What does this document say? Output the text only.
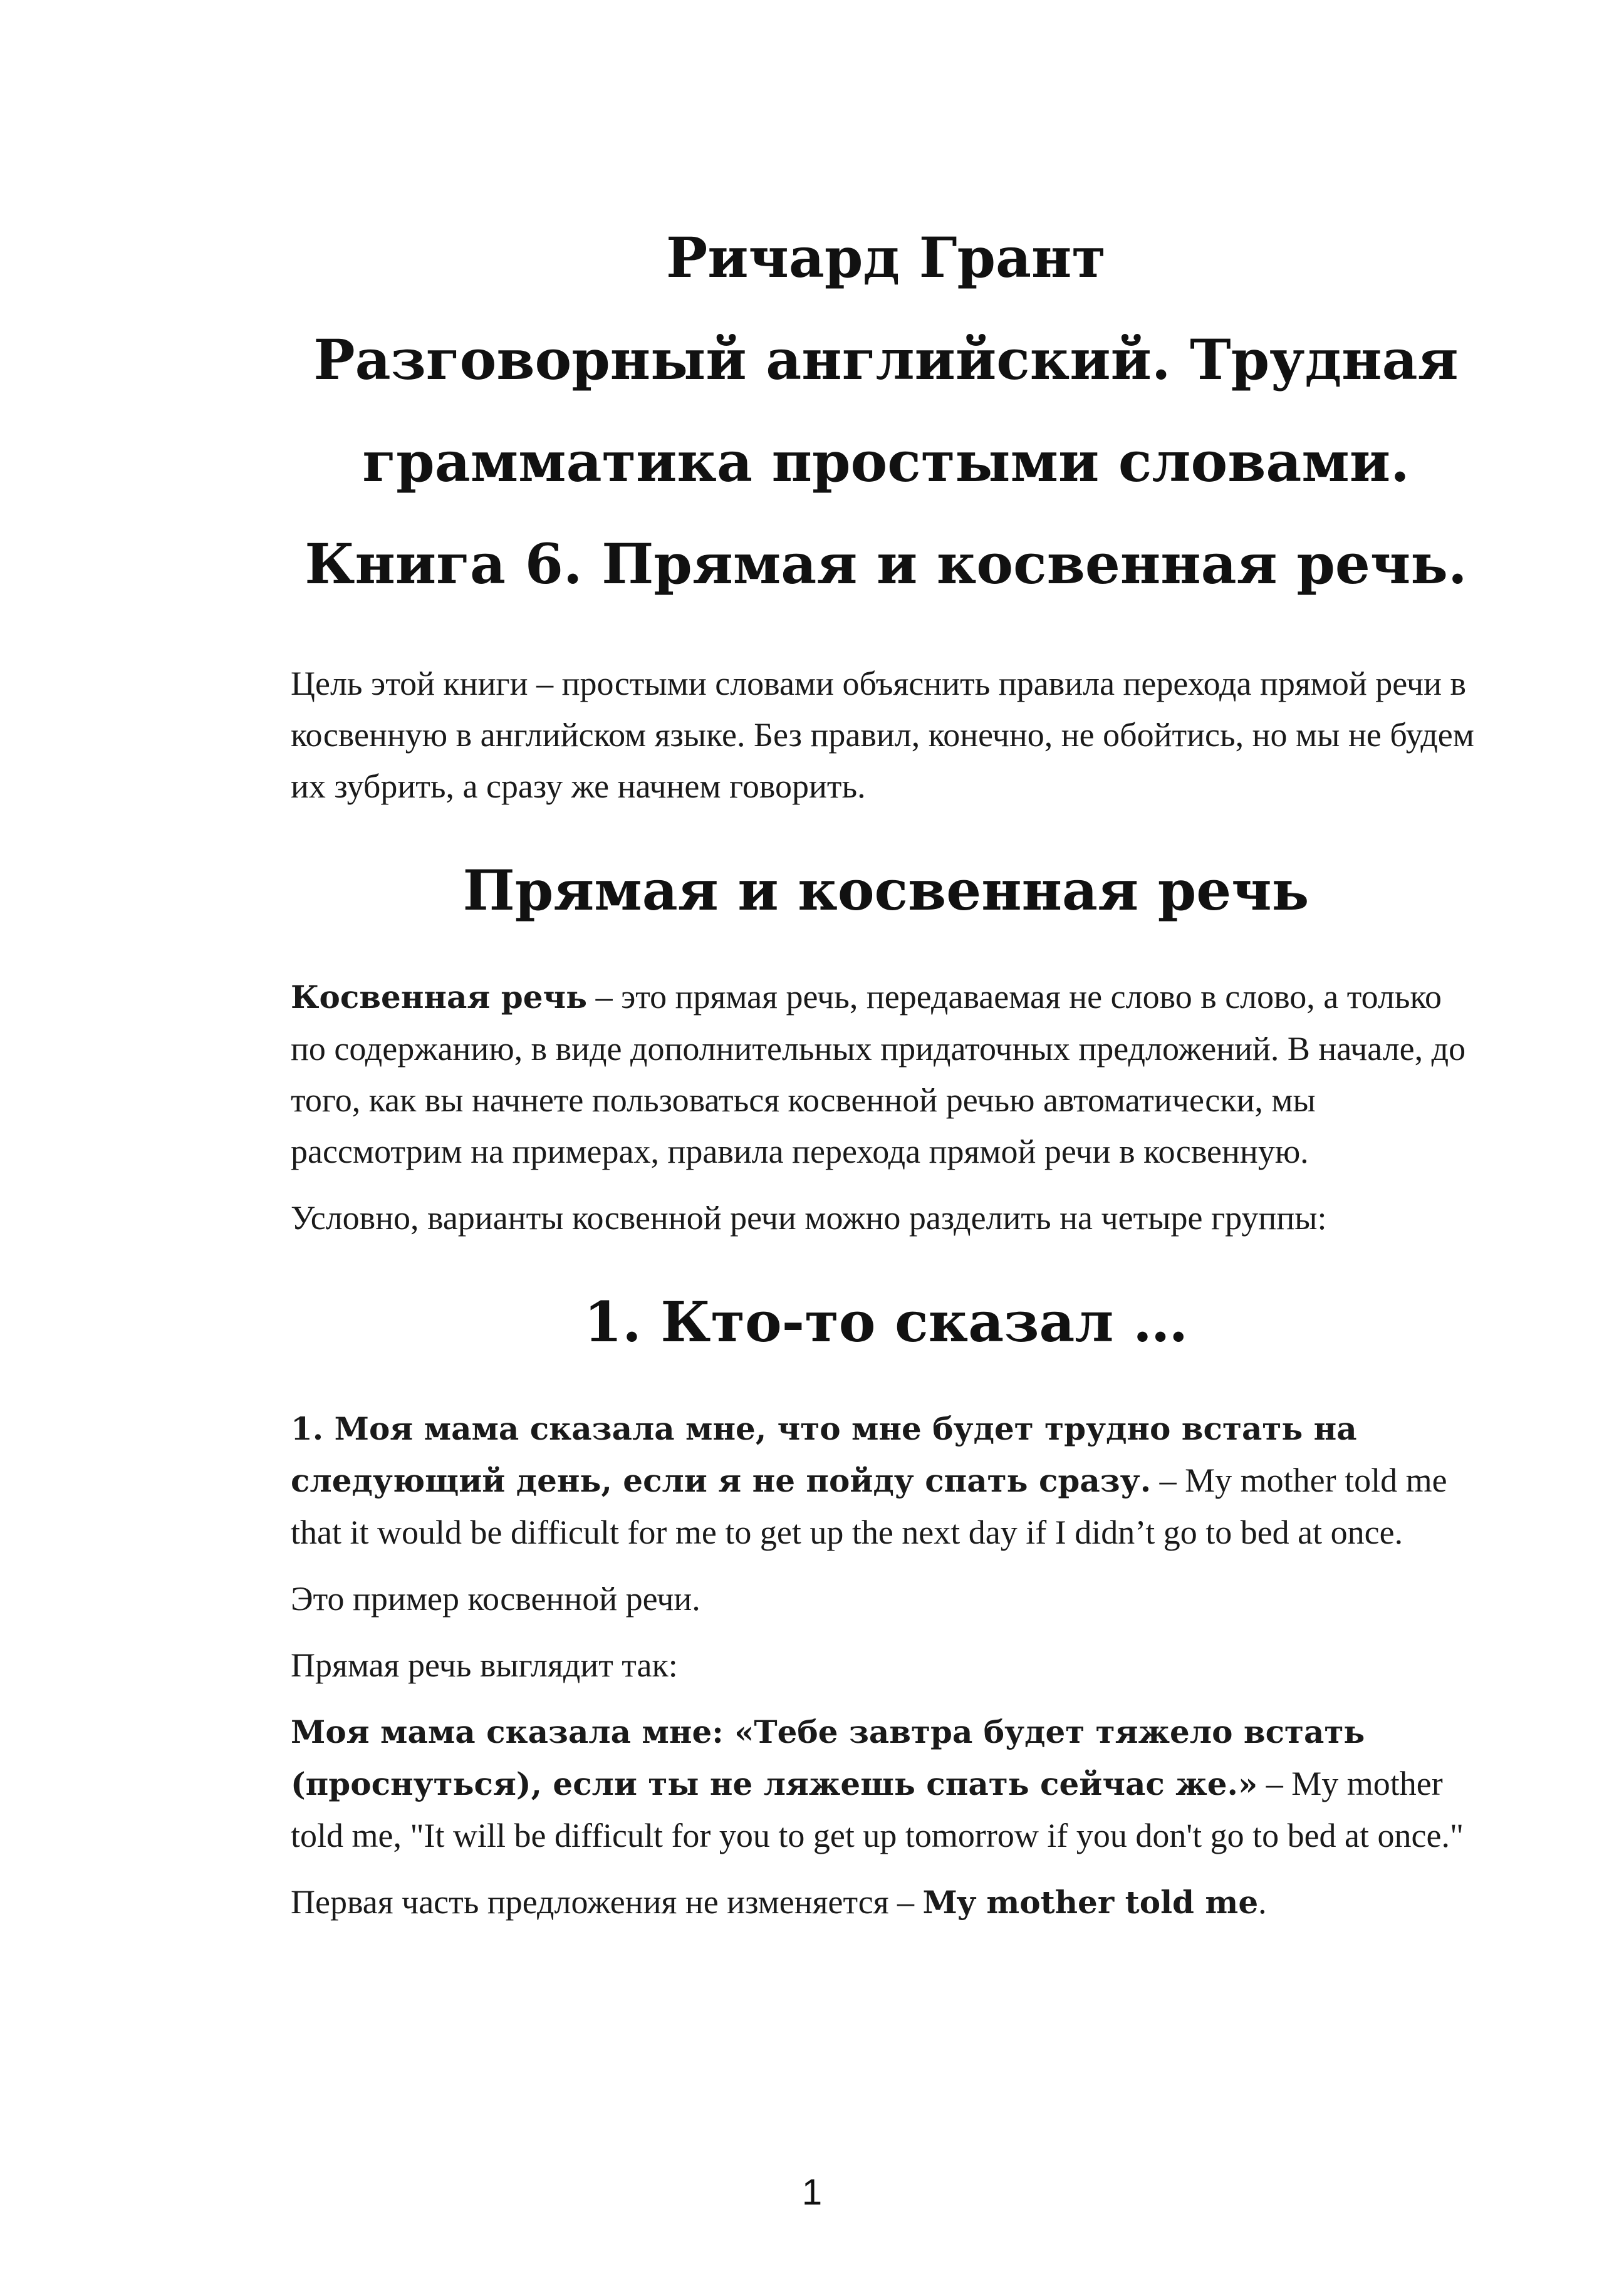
Ричард Грант
Разговорный английский. Трудная
грамматика простыми словами.
Книга 6. Прямая и косвенная речь.

Цель этой книги – простыми словами объяснить правила перехода прямой речи в косвенную в английском языке. Без правил, конечно, не обойтись, но мы не будем их зубрить, а сразу же начнем говорить.

Прямая и косвенная речь

Косвенная речь – это прямая речь, передаваемая не слово в слово, а только по содержанию, в виде дополнительных придаточных предложений. В начале, до того, как вы начнете пользоваться косвенной речью автоматически, мы рассмотрим на примерах, правила перехода прямой речи в косвенную.

Условно, варианты косвенной речи можно разделить на четыре группы:

1. Кто-то сказал …

1. Моя мама сказала мне, что мне будет трудно встать на следующий день, если я не пойду спать сразу. – My mother told me that it would be difficult for me to get up the next day if I didn’t go to bed at once.

Это пример косвенной речи.

Прямая речь выглядит так:

Моя мама сказала мне: «Тебе завтра будет тяжело встать (проснуться), если ты не ляжешь спать сейчас же.» – My mother told me, "It will be difficult for you to get up tomorrow if you don't go to bed at once."

Первая часть предложения не изменяется – My mother told me.

1
